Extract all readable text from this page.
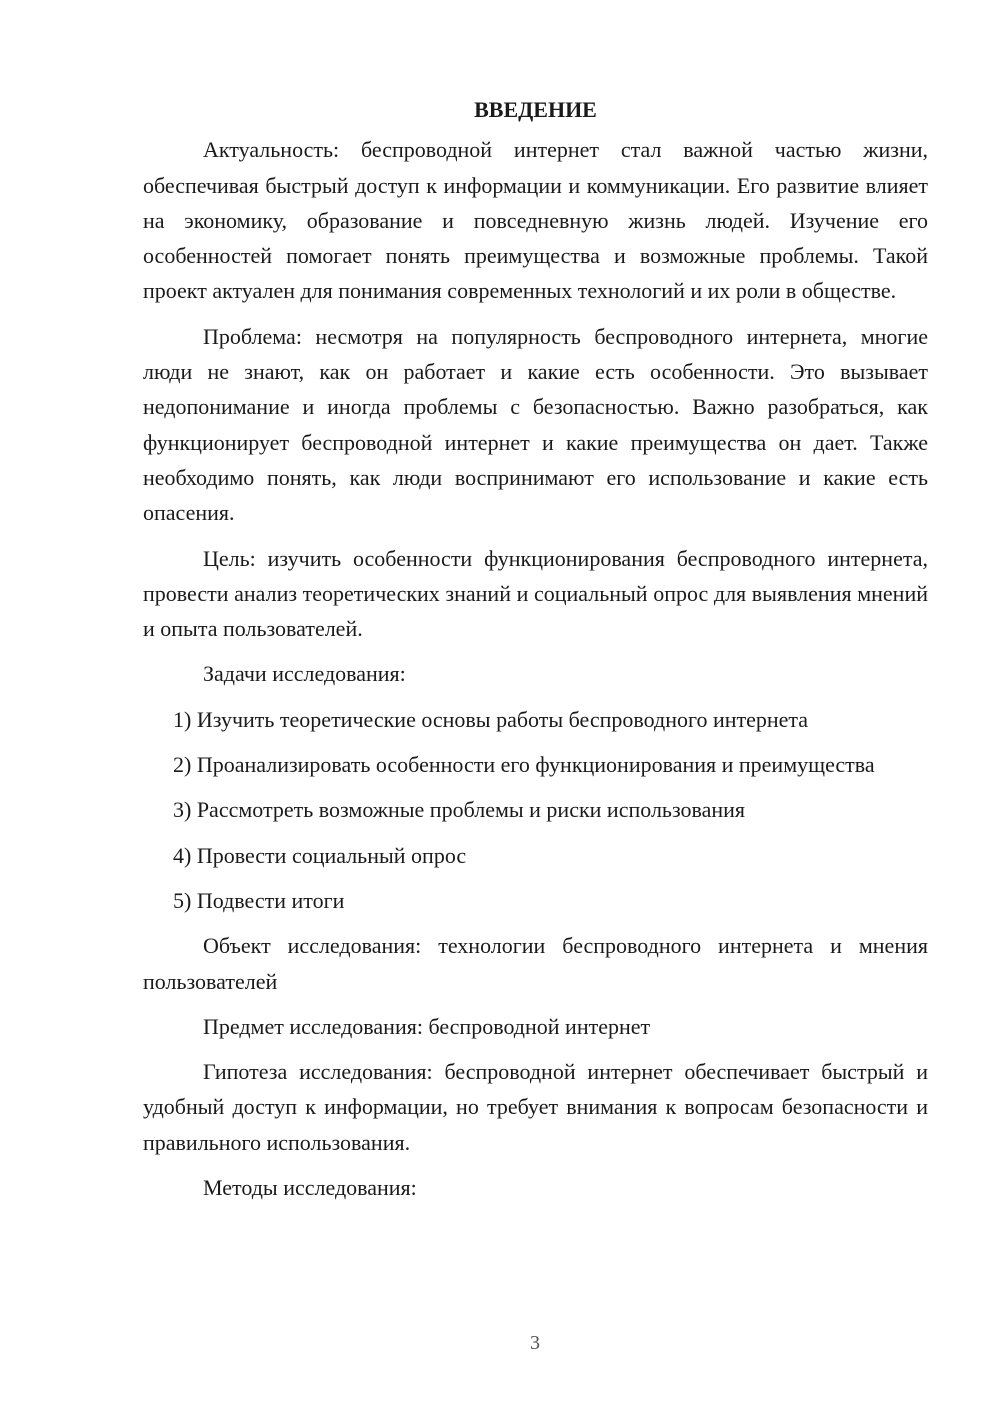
ВВЕДЕНИЕ

Актуальность: беспроводной интернет стал важной частью жизни, обеспечивая быстрый доступ к информации и коммуникации. Его развитие влияет на экономику, образование и повседневную жизнь людей. Изучение его особенностей помогает понять преимущества и возможные проблемы. Такой проект актуален для понимания современных технологий и их роли в обществе.

Проблема: несмотря на популярность беспроводного интернета, многие люди не знают, как он работает и какие есть особенности. Это вызывает недопонимание и иногда проблемы с безопасностью. Важно разобраться, как функционирует беспроводной интернет и какие преимущества он дает. Также необходимо понять, как люди воспринимают его использование и какие есть опасения.

Цель: изучить особенности функционирования беспроводного интернета, провести анализ теоретических знаний и социальный опрос для выявления мнений и опыта пользователей.

Задачи исследования:

1) Изучить теоретические основы работы беспроводного интернета

2) Проанализировать особенности его функционирования и преимущества

3) Рассмотреть возможные проблемы и риски использования

4) Провести социальный опрос

5) Подвести итоги

Объект исследования: технологии беспроводного интернета и мнения пользователей

Предмет исследования: беспроводной интернет

Гипотеза исследования: беспроводной интернет обеспечивает быстрый и удобный доступ к информации, но требует внимания к вопросам безопасности и правильного использования.

Методы исследования:

3
